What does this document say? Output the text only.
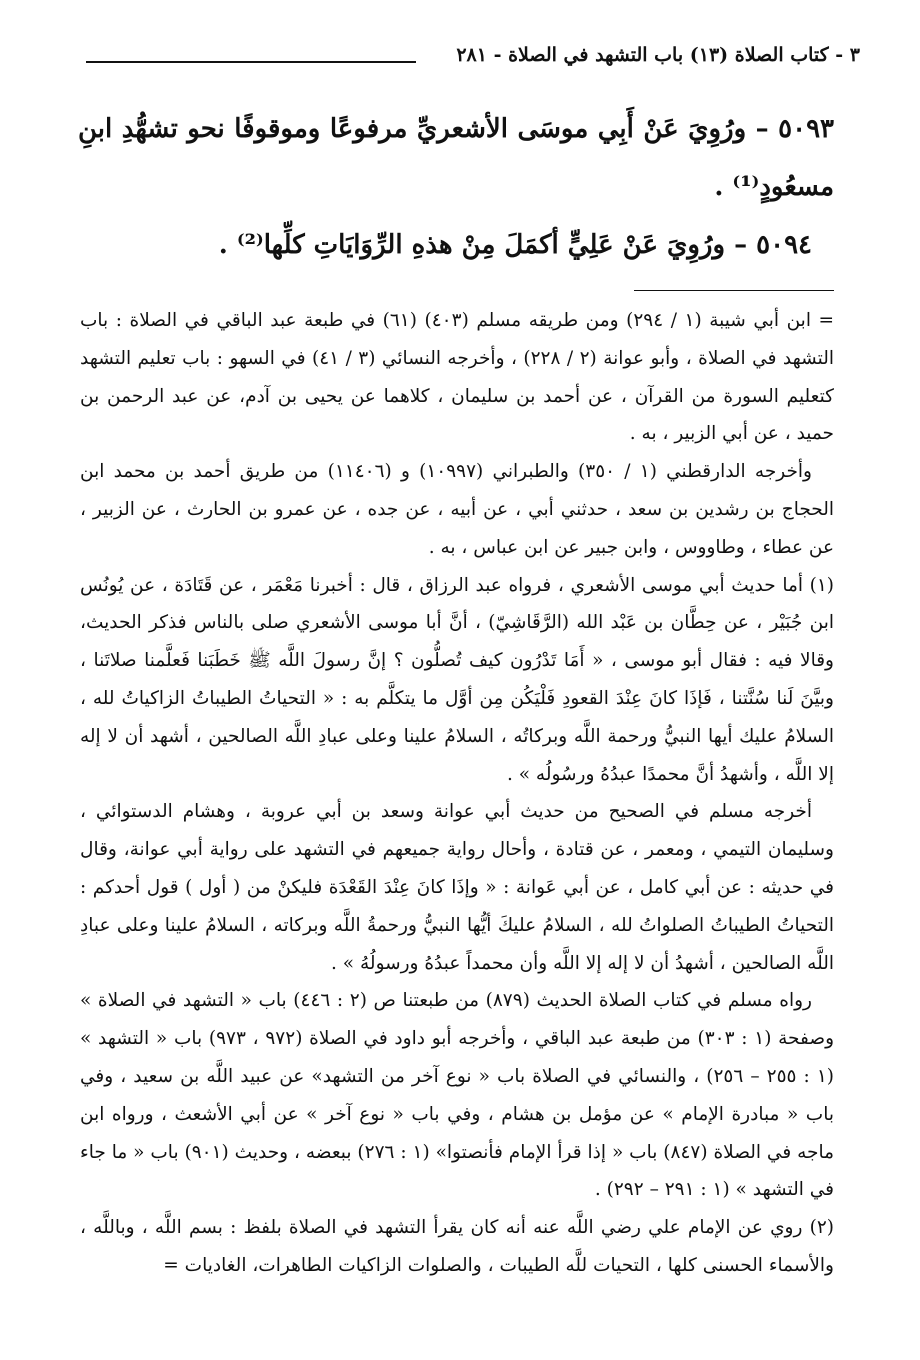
٣ - كتاب الصلاة (١٣) باب التشهد في الصلاة - ٢٨١

٥٠٩٣ – ورُوِيَ عَنْ أَبِي موسَى الأشعريِّ مرفوعًا وموقوفًا نحو تشهُّدِ ابنِ مسعُودٍ⁽¹⁾ .

٥٠٩٤ – ورُوِيَ عَنْ عَلِيٍّ أكمَلَ مِنْ هذهِ الرِّوَايَاتِ كلِّها⁽²⁾ .

= ابن أبي شيبة (١ / ٢٩٤) ومن طريقه مسلم (٤٠٣) (٦١) في طبعة عبد الباقي في الصلاة : باب التشهد في الصلاة ، وأبو عوانة (٢ / ٢٢٨) ، وأخرجه النسائي (٣ / ٤١) في السهو : باب تعليم التشهد كتعليم السورة من القرآن ، عن أحمد بن سليمان ، كلاهما عن يحيى بن آدم، عن عبد الرحمن بن حميد ، عن أبي الزبير ، به .

وأخرجه الدارقطني (١ / ٣٥٠) والطبراني (١٠٩٩٧) و (١١٤٠٦) من طريق أحمد بن محمد ابن الحجاج بن رشدين بن سعد ، حدثني أبي ، عن أبيه ، عن جده ، عن عمرو بن الحارث ، عن الزبير ، عن عطاء ، وطاووس ، وابن جبير عن ابن عباس ، به .

(١) أما حديث أبي موسى الأشعري ، فرواه عبد الرزاق ، قال : أخبرنا مَعْمَر ، عن قَتَادَة ، عن يُونُس ابن جُبَيْر ، عن حِطَّان بن عَبْد الله (الرَّقَاشِيّ) ، أنَّ أبا موسى الأشعري صلى بالناس فذكر الحديث، وقالا فيه : فقال أبو موسى ، « أَمَا تَدْرُون كيف تُصلُّون ؟ إنَّ رسولَ اللَّه ﷺ خَطَبَنا فَعلَّمنا صلاتَنا ، وبيَّنَ لَنا سُنَّتنا ، فَإذَا كانَ عِنْدَ القعودِ فَلْيَكُن مِن أوَّل ما يتكلَّم به : « التحياتُ الطيباتُ الزاكياتُ لله ، السلامُ عليك أيها النبيُّ ورحمة اللَّه وبركاتُه ، السلامُ علينا وعلى عبادِ اللَّه الصالحين ، أشهد أن لا إله إلا اللَّه ، وأشهدُ أنَّ محمدًا عبدُهُ ورسُولُه » .

أخرجه مسلم في الصحيح من حديث أبي عوانة وسعد بن أبي عروبة ، وهشام الدستوائي ، وسليمان التيمي ، ومعمر ، عن قتادة ، وأحال رواية جميعهم في التشهد على رواية أبي عوانة، وقال في حديثه : عن أبي كامل ، عن أبي عَوانة : « وإذَا كانَ عِنْدَ القَعْدَة فليكنْ من ( أول ) قول أحدكم : التحياتُ الطيباتُ الصلواتُ لله ، السلامُ عليكَ أيُّها النبيُّ ورحمةُ اللَّه وبركاته ، السلامُ علينا وعلى عبادِ اللَّه الصالحين ، أشهدُ أن لا إله إلا اللَّه وأن محمداً عبدُهُ ورسولُهُ » .

رواه مسلم في كتاب الصلاة الحديث (٨٧٩) من طبعتنا ص (٢ : ٤٤٦) باب « التشهد في الصلاة » وصفحة (١ : ٣٠٣) من طبعة عبد الباقي ، وأخرجه أبو داود في الصلاة (٩٧٢ ، ٩٧٣) باب « التشهد » (١ : ٢٥٥ – ٢٥٦) ، والنسائي في الصلاة باب « نوع آخر من التشهد» عن عبيد اللَّه بن سعيد ، وفي باب « مبادرة الإمام » عن مؤمل بن هشام ، وفي باب « نوع آخر » عن أبي الأشعث ، ورواه ابن ماجه في الصلاة (٨٤٧) باب « إذا قرأ الإمام فأنصتوا» (١ : ٢٧٦) ببعضه ، وحديث (٩٠١) باب « ما جاء في التشهد » (١ : ٢٩١ – ٢٩٢) .

(٢) روي عن الإمام علي رضي اللَّه عنه أنه كان يقرأ التشهد في الصلاة بلفظ : بسم اللَّه ، وباللَّه ، والأسماء الحسنى كلها ، التحيات للَّه الطيبات ، والصلوات الزاكيات الطاهرات، الغاديات =
